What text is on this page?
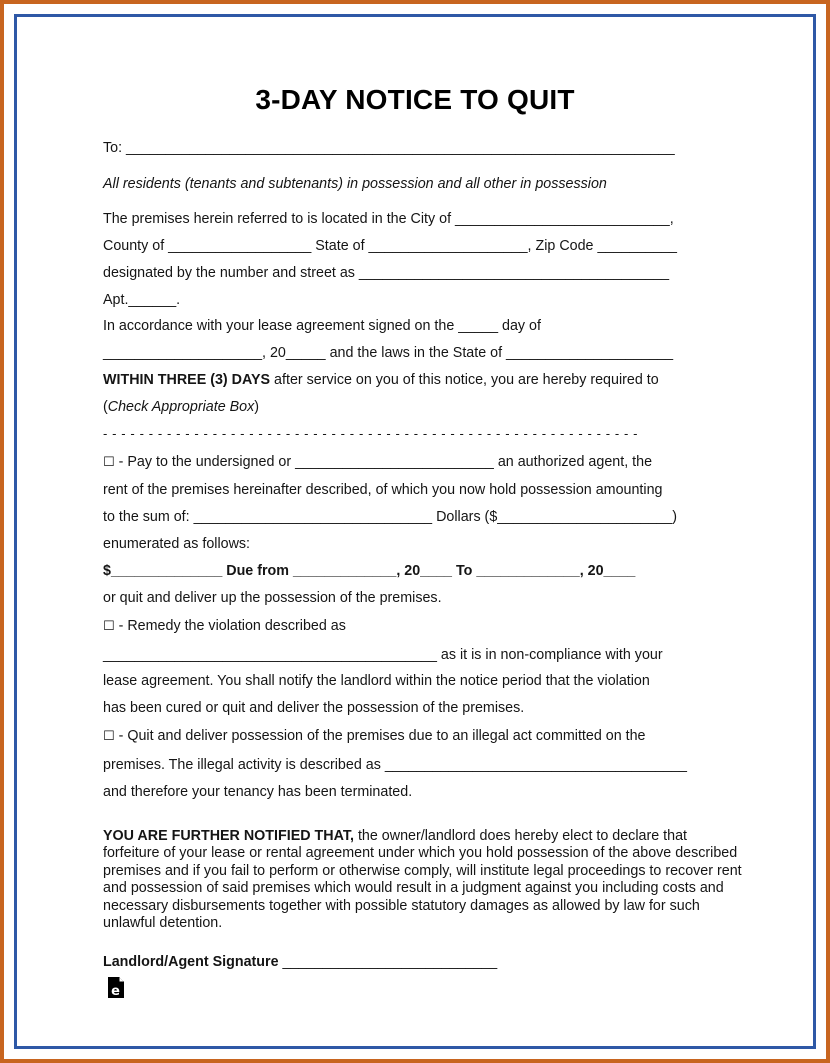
3-DAY NOTICE TO QUIT
To: _____________________________________________________________________
All residents (tenants and subtenants) in possession and all other in possession
The premises herein referred to is located in the City of ___________________________,
County of __________________ State of ____________________, Zip Code __________
designated by the number and street as _______________________________________
Apt.______.
In accordance with your lease agreement signed on the _____ day of
____________________, 20_____ and the laws in the State of _____________________
WITHIN THREE (3) DAYS after service on you of this notice, you are hereby required to
(Check Appropriate Box)
- - - - - - - - - - - - - - - - - - - - - - - - - - - - - - - - - - - - - - - - - - - - - - - - - - - - - - - - - - -
☐ - Pay to the undersigned or _________________________ an authorized agent, the
rent of the premises hereinafter described, of which you now hold possession amounting
to the sum of: ______________________________ Dollars ($______________________)
enumerated as follows:
$______________ Due from _____________, 20____ To _____________, 20____
or quit and deliver up the possession of the premises.
☐ - Remedy the violation described as
__________________________________________ as it is in non-compliance with your
lease agreement. You shall notify the landlord within the notice period that the violation
has been cured or quit and deliver the possession of the premises.
☐ - Quit and deliver possession of the premises due to an illegal act committed on the
premises. The illegal activity is described as ______________________________________
and therefore your tenancy has been terminated.
YOU ARE FURTHER NOTIFIED THAT, the owner/landlord does hereby elect to declare that forfeiture of your lease or rental agreement under which you hold possession of the above described premises and if you fail to perform or otherwise comply, will institute legal proceedings to recover rent and possession of said premises which would result in a judgment against you including costs and necessary disbursements together with possible statutory damages as allowed by law for such unlawful detention.
Landlord/Agent Signature ___________________________
e
